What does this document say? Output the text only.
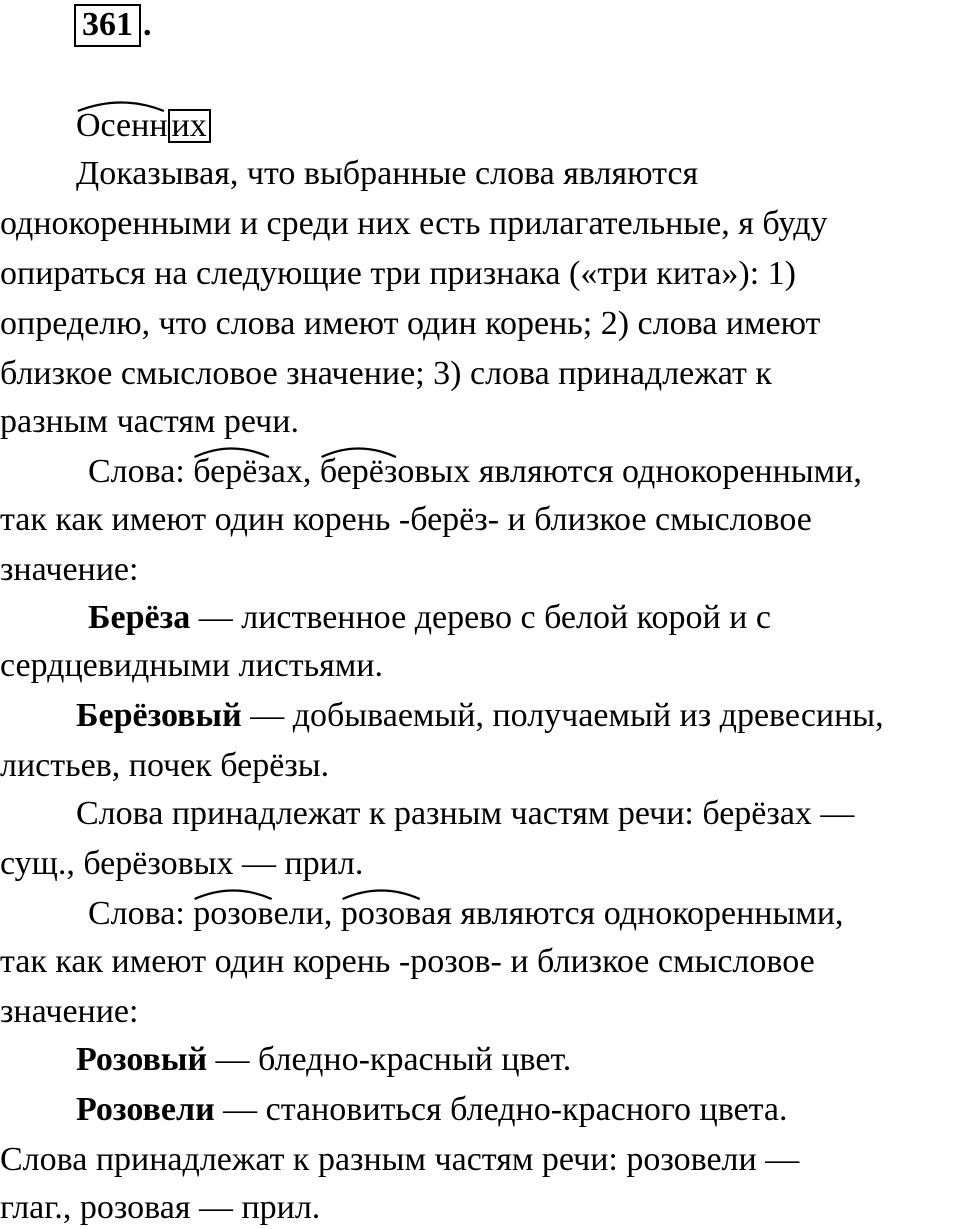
361 .

Осенн их

Доказывая, что выбранные слова являются

однокоренными и среди них есть прилагательные, я буду

опираться на следующие три признака («три кита»): 1)

определю, что слова имеют один корень; 2) слова имеют

близкое смысловое значение; 3) слова принадлежат к

разным частям речи.

Слова:
берёзах,
берёзовых являются однокоренными,

так как имеют один корень -берёз- и близкое смысловое

значение:

Берёза — лиственное дерево с белой корой и с

сердцевидными листьями.

Берёзовый — добываемый, получаемый из древесины,

листьев, почек берёзы.

Слова принадлежат к разным частям речи: берёзах —

сущ., берёзовых — прил.

Слова:
розовели,
розовая являются однокоренными,

так как имеют один корень -розов- и близкое смысловое

значение:

Розовый — бледно-красный цвет.

Розовели — становиться бледно-красного цвета.

Слова принадлежат к разным частям речи: розовели —

глаг., розовая — прил.
